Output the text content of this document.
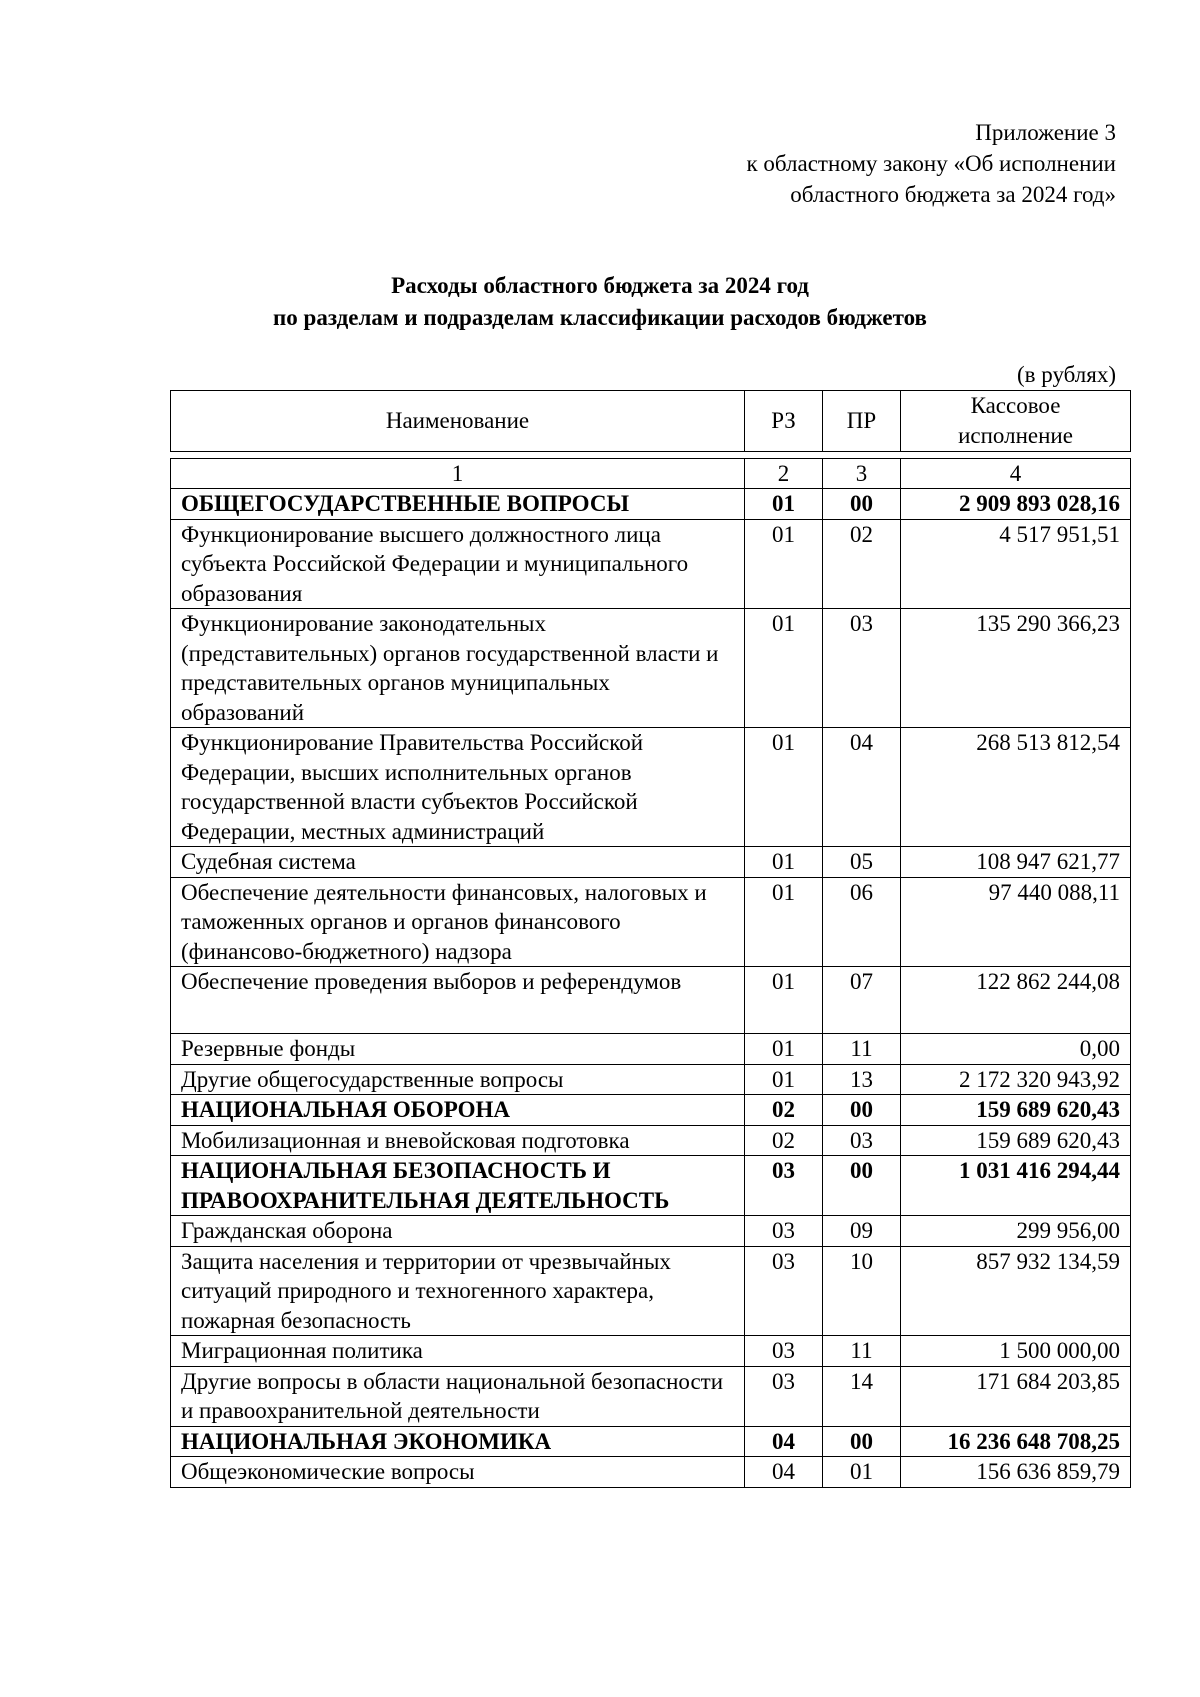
Приложение 3
к областному закону «Об исполнении
областного бюджета за 2024 год»
Расходы областного бюджета за 2024 год
по разделам и подразделам классификации расходов бюджетов
(в рублях)
Наименование	РЗ	ПР	Кассовое
исполнение

1	2	3	4
ОБЩЕГОСУДАРСТВЕННЫЕ ВОПРОСЫ	01	00	2 909 893 028,16
Функционирование высшего должностного лица субъекта Российской Федерации и муниципального образования	01	02	4 517 951,51
Функционирование законодательных (представительных) органов государственной власти и представительных органов муниципальных образований	01	03	135 290 366,23
Функционирование Правительства Российской Федерации, высших исполнительных органов государственной власти субъектов Российской Федерации, местных администраций	01	04	268 513 812,54
Судебная система	01	05	108 947 621,77
Обеспечение деятельности финансовых, налоговых и таможенных органов и органов финансового (финансово-бюджетного) надзора	01	06	97 440 088,11
Обеспечение проведения выборов и референдумов	01	07	122 862 244,08
Резервные фонды	01	11	0,00
Другие общегосударственные вопросы	01	13	2 172 320 943,92
НАЦИОНАЛЬНАЯ ОБОРОНА	02	00	159 689 620,43
Мобилизационная и вневойсковая подготовка	02	03	159 689 620,43
НАЦИОНАЛЬНАЯ БЕЗОПАСНОСТЬ И ПРАВООХРАНИТЕЛЬНАЯ ДЕЯТЕЛЬНОСТЬ	03	00	1 031 416 294,44
Гражданская оборона	03	09	299 956,00
Защита населения и территории от чрезвычайных ситуаций природного и техногенного характера, пожарная безопасность	03	10	857 932 134,59
Миграционная политика	03	11	1 500 000,00
Другие вопросы в области национальной безопасности и правоохранительной деятельности	03	14	171 684 203,85
НАЦИОНАЛЬНАЯ ЭКОНОМИКА	04	00	16 236 648 708,25
Общеэкономические вопросы	04	01	156 636 859,79
